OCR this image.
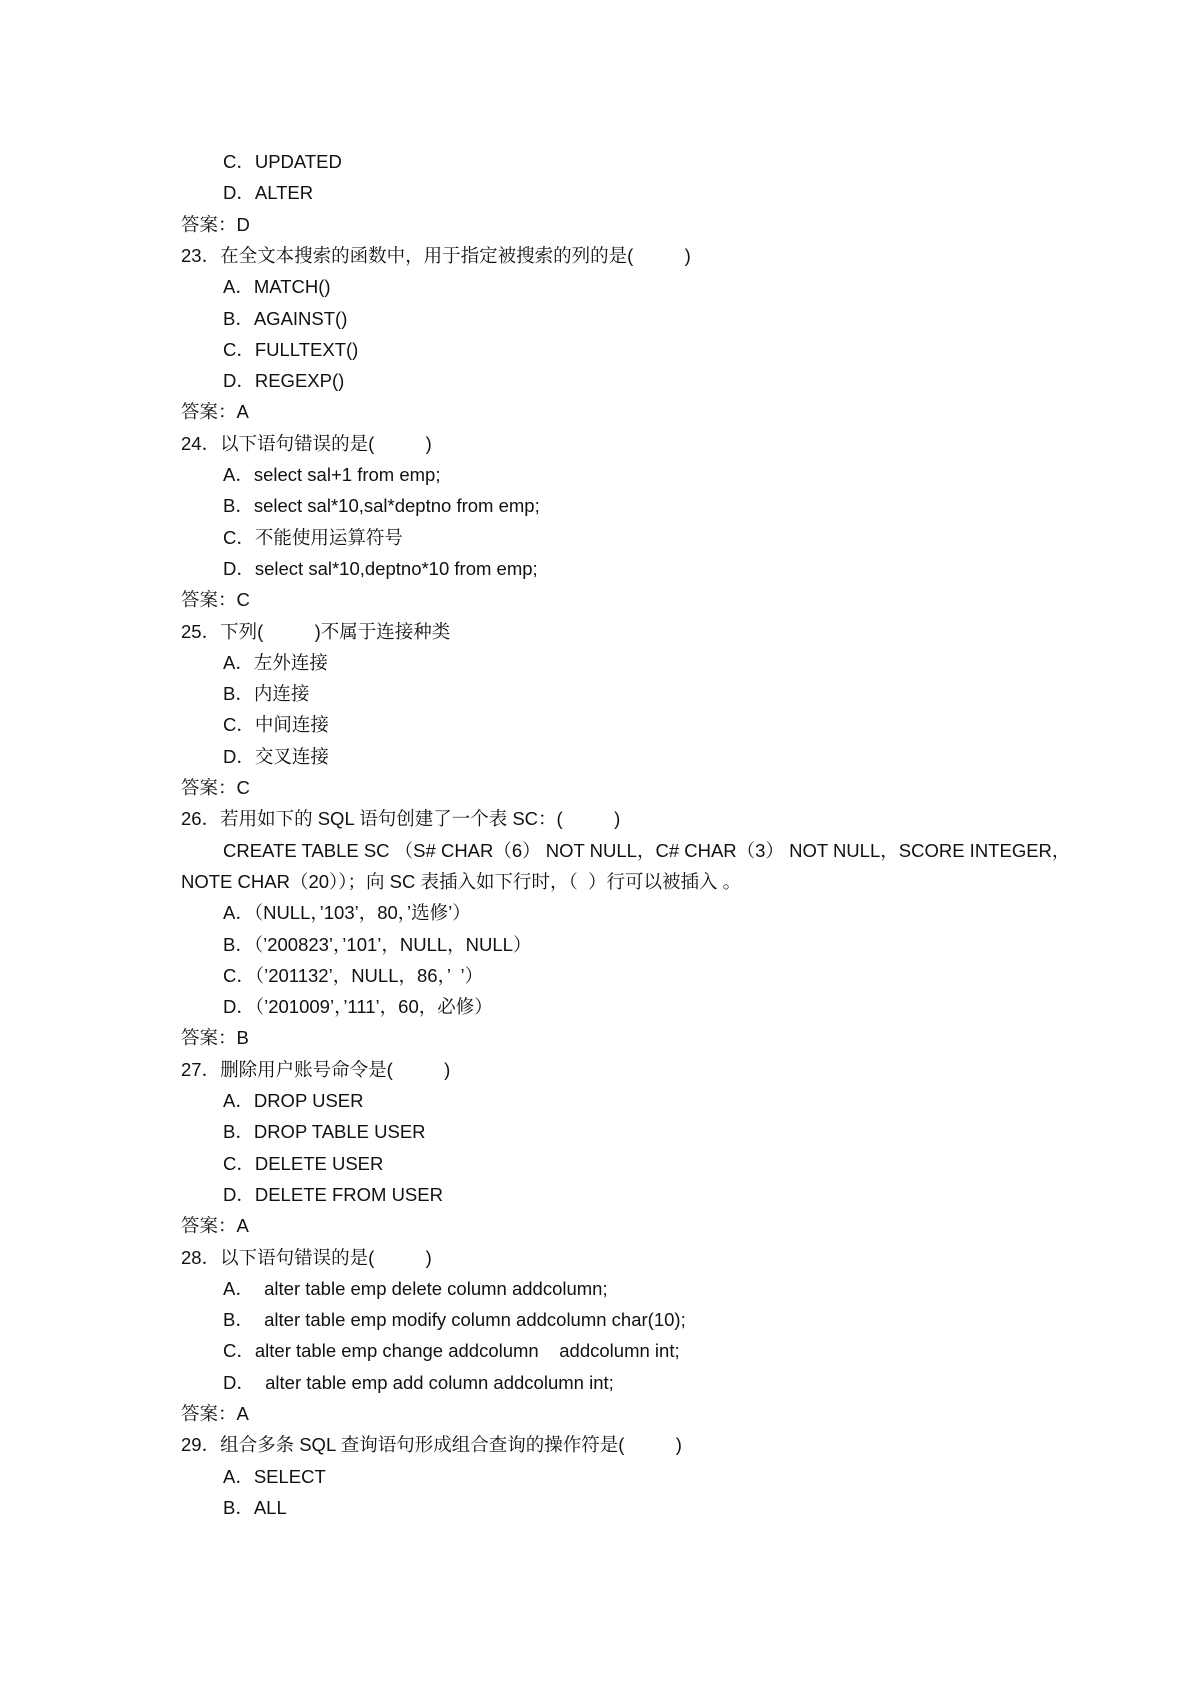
C．UPDATED
D．ALTER
答案：D
23．在全文本搜索的函数中，用于指定被搜索的列的是(          )
A．MATCH()
B．AGAINST()
C．FULLTEXT()
D．REGEXP()
答案：A
24．以下语句错误的是(          )
A．select sal+1 from emp;
B．select sal*10,sal*deptno from emp;
C．不能使用运算符号
D．select sal*10,deptno*10 from emp;
答案：C
25．下列(          )不属于连接种类
A．左外连接
B．内连接
C．中间连接
D．交叉连接
答案：C
26．若用如下的 SQL 语句创建了一个表 SC：(          )
CREATE TABLE SC （S# CHAR（6） NOT NULL，C# CHAR（3） NOT NULL，SCORE INTEGER，
NOTE CHAR（20））；向 SC 表插入如下行时，（  ）行可以被插入 。
A．（NULL，’103’，80，’选修’）
B．（’200823’，’101’，NULL，NULL）
C．（’201132’，NULL，86，’  ’）
D．（’201009’，’111’，60，必修）
答案：B
27．删除用户账号命令是(          )
A．DROP USER
B．DROP TABLE USER
C．DELETE USER
D．DELETE FROM USER
答案：A
28．以下语句错误的是(          )
A．  alter table emp delete column addcolumn;
B．  alter table emp modify column addcolumn char(10);
C．alter table emp change addcolumn    addcolumn int;
D．  alter table emp add column addcolumn int;
答案：A
29．组合多条 SQL 查询语句形成组合查询的操作符是(          )
A．SELECT
B．ALL
